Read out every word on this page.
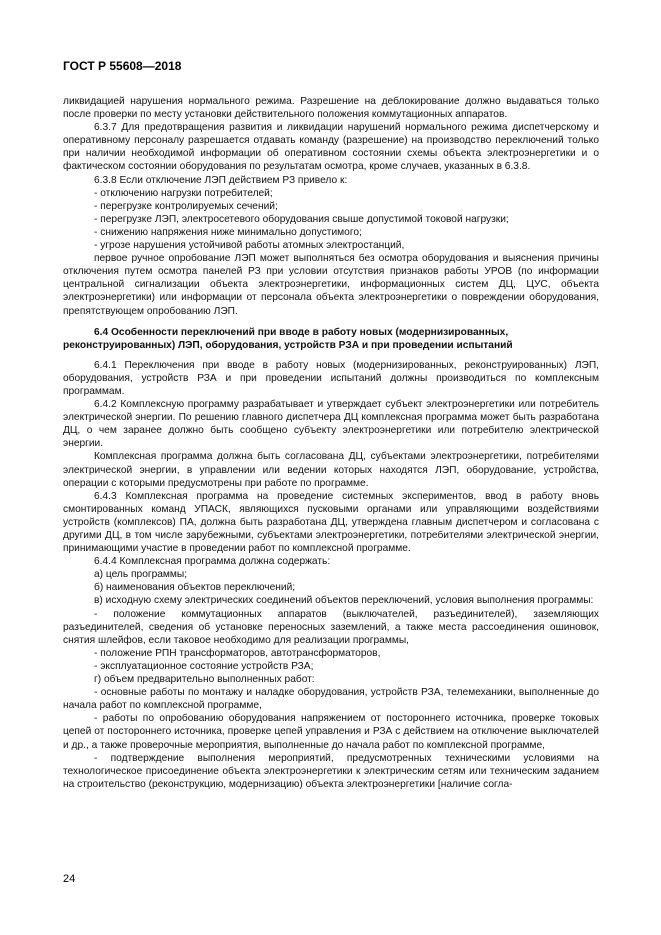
ГОСТ Р 55608—2018

ликвидацией нарушения нормального режима. Разрешение на деблокирование должно выдаваться только после проверки по месту установки действительного положения коммутационных аппаратов.

6.3.7 Для предотвращения развития и ликвидации нарушений нормального режима диспетчерскому и оперативному персоналу разрешается отдавать команду (разрешение) на производство переключений только при наличии необходимой информации об оперативном состоянии схемы объекта электроэнергетики и о фактическом состоянии оборудования по результатам осмотра, кроме случаев, указанных в 6.3.8.

6.3.8 Если отключение ЛЭП действием РЗ привело к:

- отключению нагрузки потребителей;

- перегрузке контролируемых сечений;

- перегрузке ЛЭП, электросетевого оборудования свыше допустимой токовой нагрузки;

- снижению напряжения ниже минимально допустимого;

- угрозе нарушения устойчивой работы атомных электростанций,

первое ручное опробование ЛЭП может выполняться без осмотра оборудования и выяснения причины отключения путем осмотра панелей РЗ при условии отсутствия признаков работы УРОВ (по информации центральной сигнализации объекта электроэнергетики, информационных систем ДЦ, ЦУС, объекта электроэнергетики) или информации от персонала объекта электроэнергетики о повреждении оборудования, препятствующем опробованию ЛЭП.

6.4 Особенности переключений при вводе в работу новых (модернизированных, реконструированных) ЛЭП, оборудования, устройств РЗА и при проведении испытаний

6.4.1 Переключения при вводе в работу новых (модернизированных, реконструированных) ЛЭП, оборудования, устройств РЗА и при проведении испытаний должны производиться по комплексным программам.

6.4.2 Комплексную программу разрабатывает и утверждает субъект электроэнергетики или потребитель электрической энергии. По решению главного диспетчера ДЦ комплексная программа может быть разработана ДЦ, о чем заранее должно быть сообщено субъекту электроэнергетики или потребителю электрической энергии.

Комплексная программа должна быть согласована ДЦ, субъектами электроэнергетики, потребителями электрической энергии, в управлении или ведении которых находятся ЛЭП, оборудование, устройства, операции с которыми предусмотрены при работе по программе.

6.4.3 Комплексная программа на проведение системных экспериментов, ввод в работу вновь смонтированных команд УПАСК, являющихся пусковыми органами или управляющими воздействиями устройств (комплексов) ПА, должна быть разработана ДЦ, утверждена главным диспетчером и согласована с другими ДЦ, в том числе зарубежными, субъектами электроэнергетики, потребителями электрической энергии, принимающими участие в проведении работ по комплексной программе.

6.4.4 Комплексная программа должна содержать:

а) цель программы;

б) наименования объектов переключений;

в) исходную схему электрических соединений объектов переключений, условия выполнения программы:

- положение коммутационных аппаратов (выключателей, разъединителей), заземляющих разъединителей, сведения об установке переносных заземлений, а также места рассоединения ошиновок, снятия шлейфов, если таковое необходимо для реализации программы,

- положение РПН трансформаторов, автотрансформаторов,

- эксплуатационное состояние устройств РЗА;

г) объем предварительно выполненных работ:

- основные работы по монтажу и наладке оборудования, устройств РЗА, телемеханики, выполненные до начала работ по комплексной программе,

- работы по опробованию оборудования напряжением от постороннего источника, проверке токовых цепей от постороннего источника, проверке цепей управления и РЗА с действием на отключение выключателей и др., а также проверочные мероприятия, выполненные до начала работ по комплексной программе,

- подтверждение выполнения мероприятий, предусмотренных техническими условиями на технологическое присоединение объекта электроэнергетики к электрическим сетям или техническим заданием на строительство (реконструкцию, модернизацию) объекта электроэнергетики [наличие согла-

24
